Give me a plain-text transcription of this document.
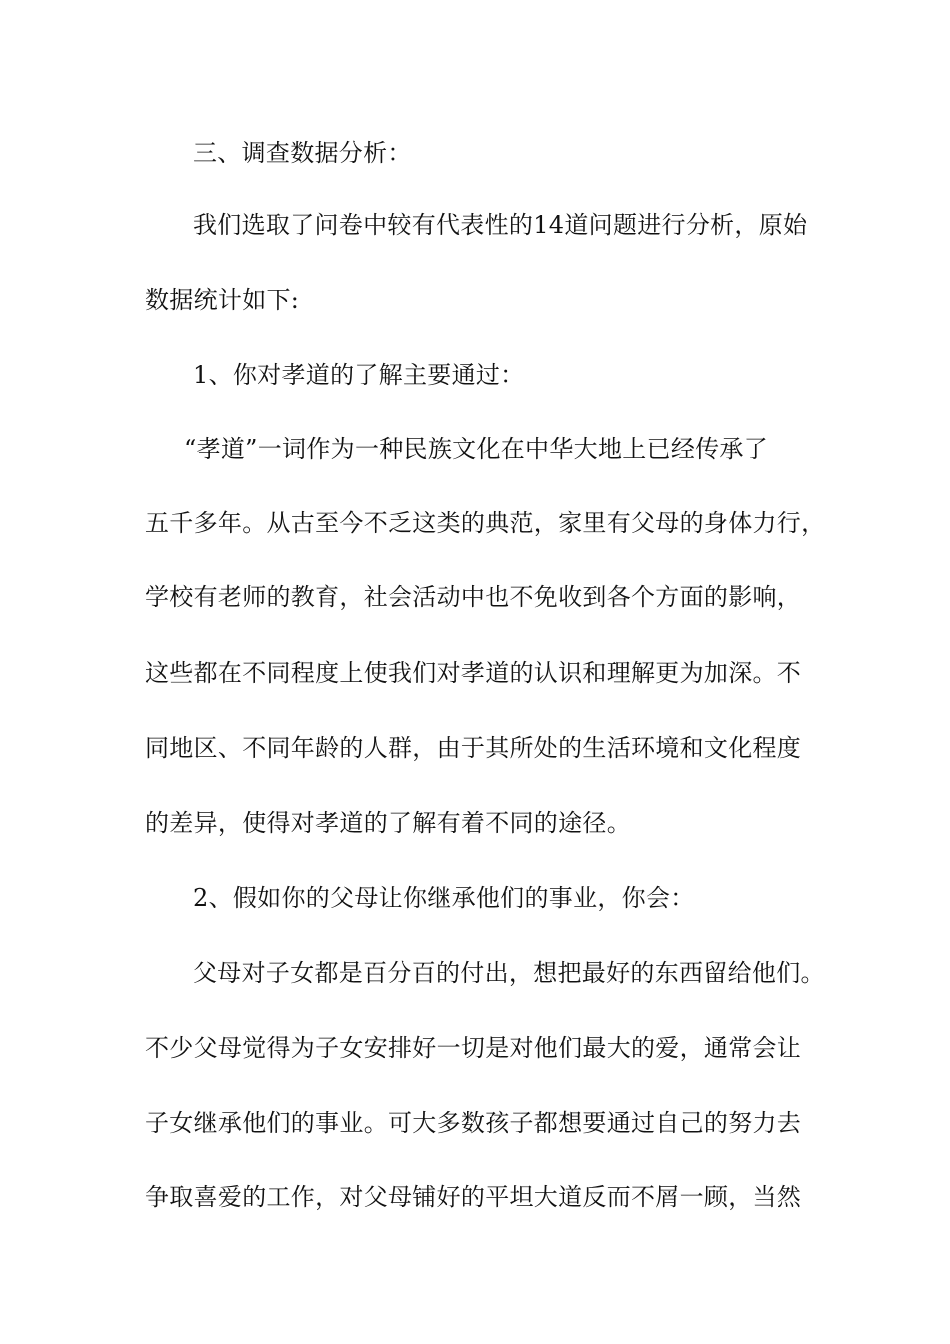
三、调查数据分析：
我们选取了问卷中较有代表性的14道问题进行分析，原始
数据统计如下:
1、你对孝道的了解主要通过：
“孝道”一词作为一种民族文化在中华大地上已经传承了
五千多年。从古至今不乏这类的典范，家里有父母的身体力行，
学校有老师的教育，社会活动中也不免收到各个方面的影响，
这些都在不同程度上使我们对孝道的认识和理解更为加深。不
同地区、不同年龄的人群，由于其所处的生活环境和文化程度
的差异，使得对孝道的了解有着不同的途径。
2、假如你的父母让你继承他们的事业，你会：
父母对子女都是百分百的付出，想把最好的东西留给他们。
不少父母觉得为子女安排好一切是对他们最大的爱，通常会让
子女继承他们的事业。可大多数孩子都想要通过自己的努力去
争取喜爱的工作，对父母铺好的平坦大道反而不屑一顾，当然
